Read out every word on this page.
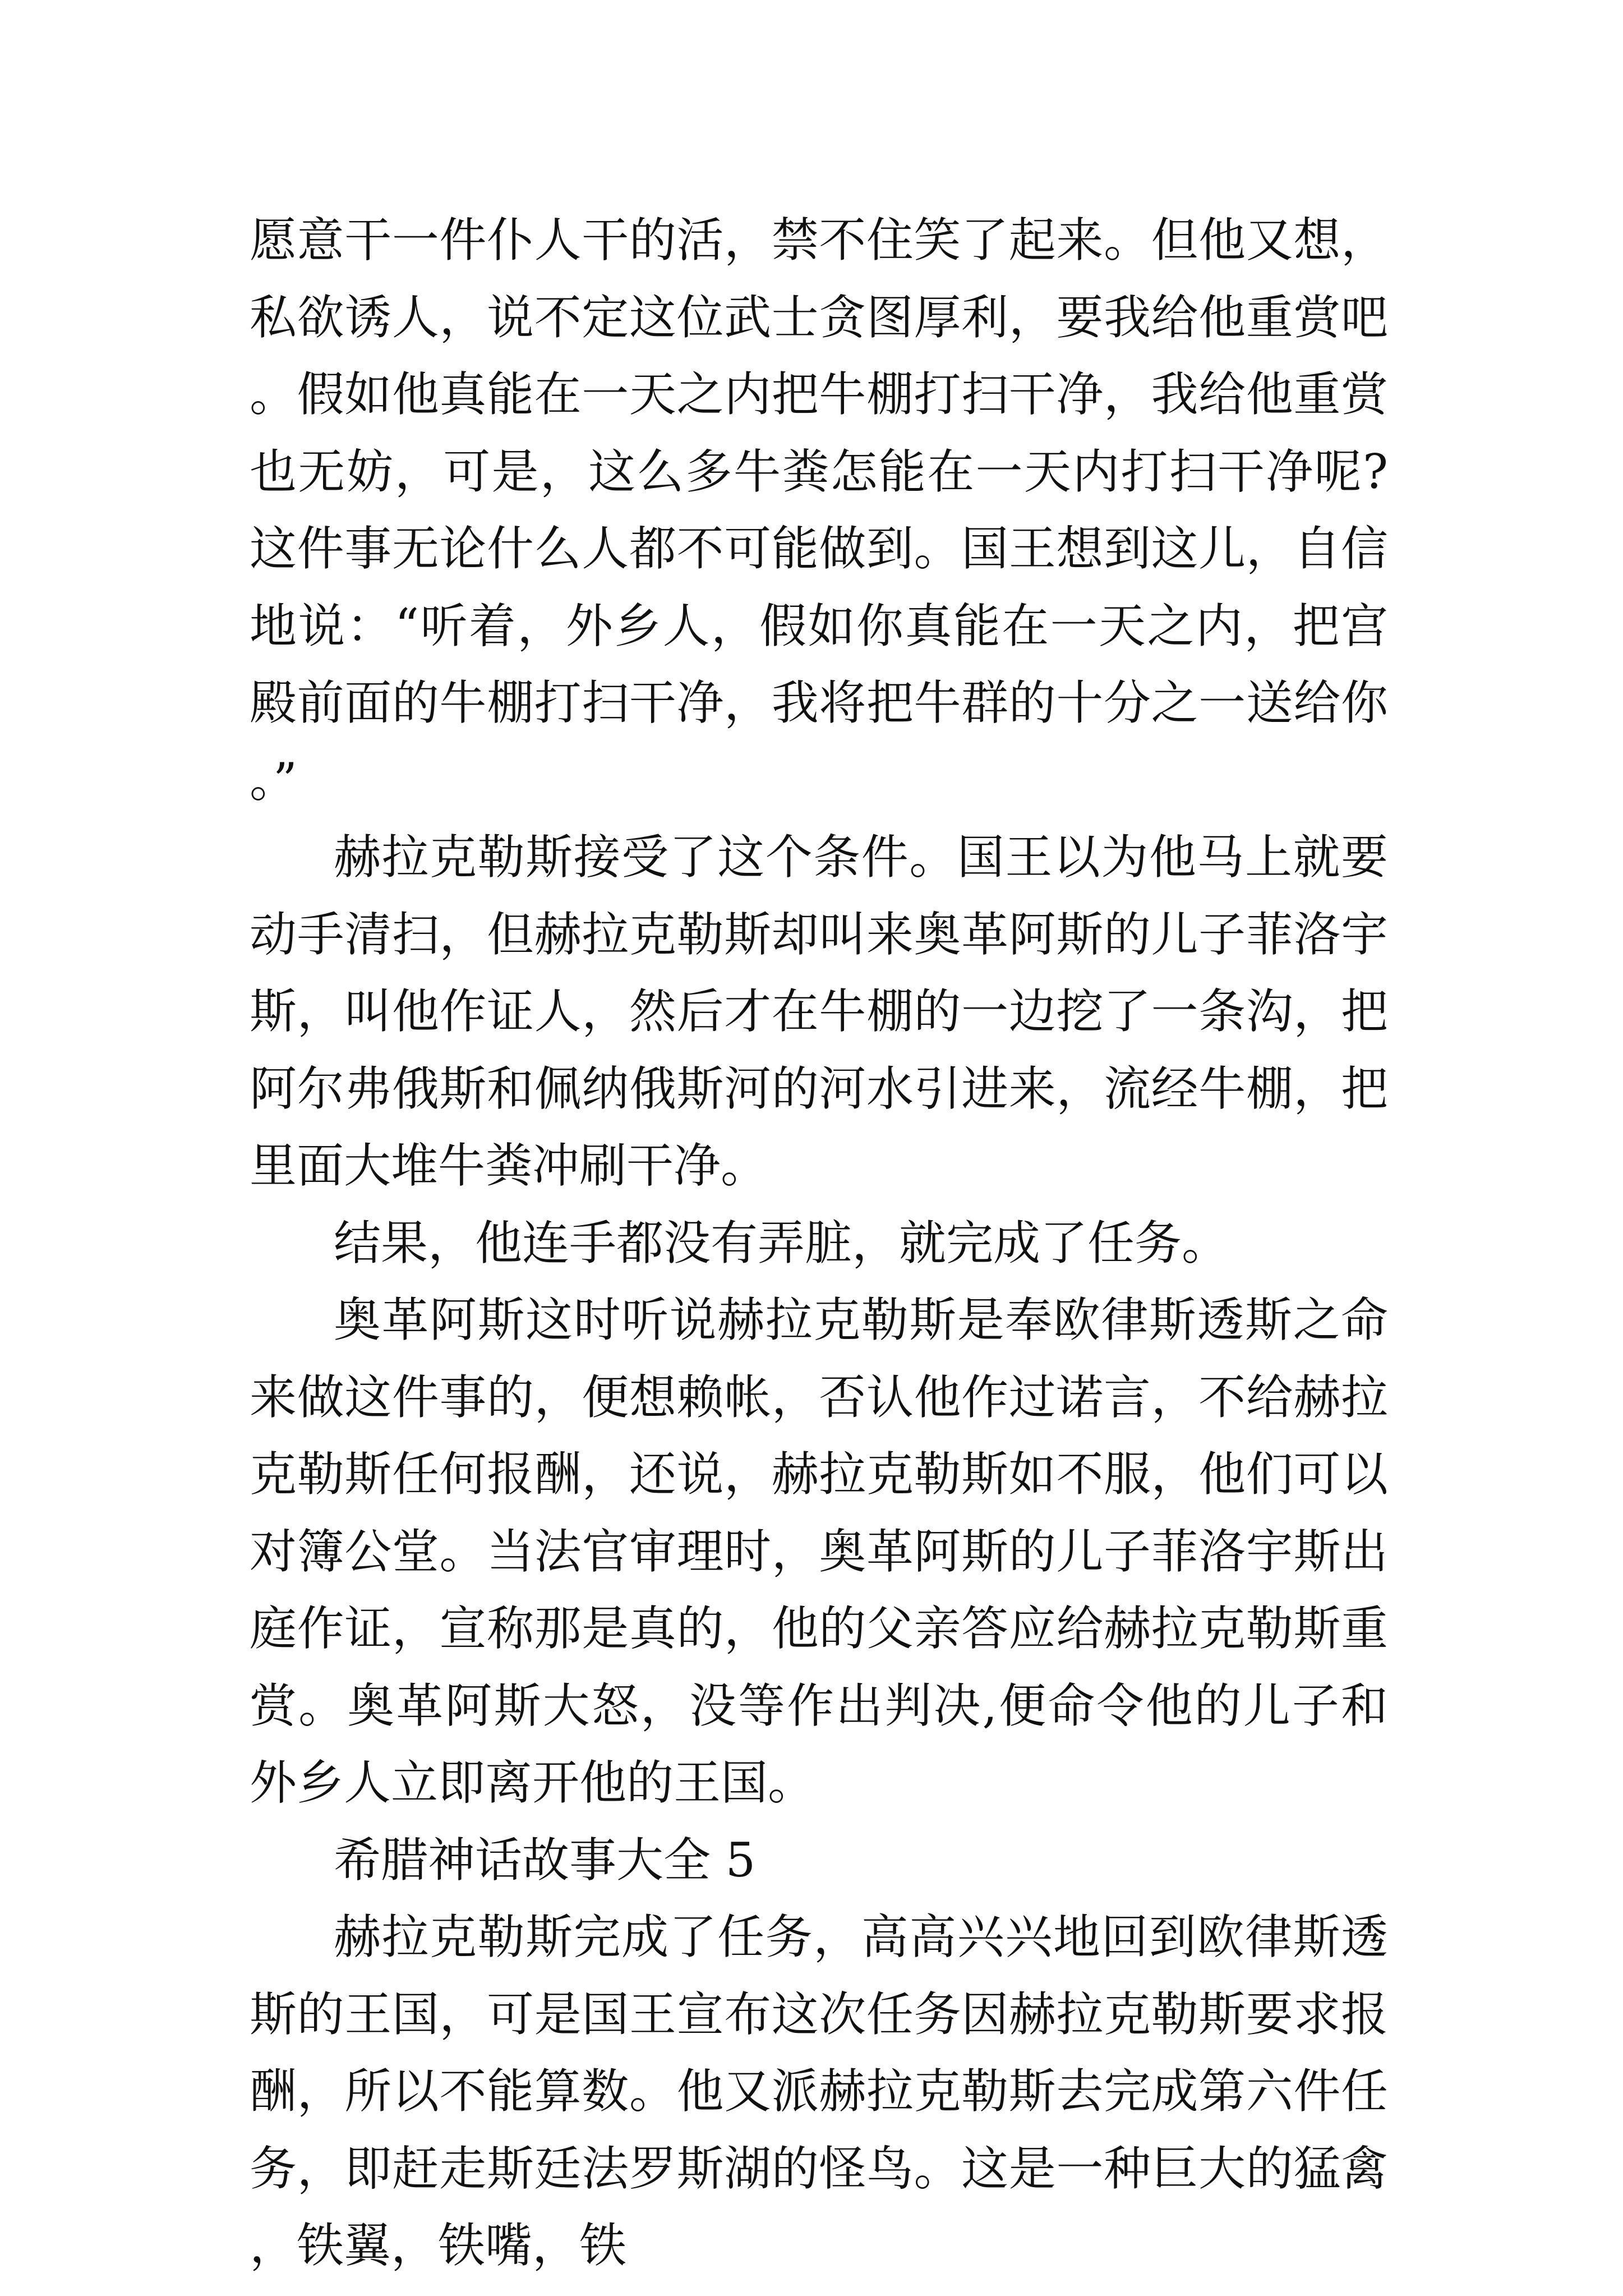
愿意干一件仆人干的活，禁不住笑了起来。但他又想，私欲诱人，说不定这位武士贪图厚利，要我给他重赏吧。假如他真能在一天之内把牛棚打扫干净，我给他重赏也无妨，可是，这么多牛粪怎能在一天内打扫干净呢?这件事无论什么人都不可能做到。国王想到这儿，自信地说：“听着，外乡人，假如你真能在一天之内，把宫殿前面的牛棚打扫干净，我将把牛群的十分之一送给你。”

赫拉克勒斯接受了这个条件。国王以为他马上就要动手清扫，但赫拉克勒斯却叫来奥革阿斯的儿子菲洛宇斯，叫他作证人，然后才在牛棚的一边挖了一条沟，把阿尔弗俄斯和佩纳俄斯河的河水引进来，流经牛棚，把里面大堆牛粪冲刷干净。

结果，他连手都没有弄脏，就完成了任务。

奥革阿斯这时听说赫拉克勒斯是奉欧律斯透斯之命来做这件事的，便想赖帐，否认他作过诺言，不给赫拉克勒斯任何报酬，还说，赫拉克勒斯如不服，他们可以对簿公堂。当法官审理时，奥革阿斯的儿子菲洛宇斯出庭作证，宣称那是真的，他的父亲答应给赫拉克勒斯重赏。奥革阿斯大怒，没等作出判决,便命令他的儿子和外乡人立即离开他的王国。

希腊神话故事大全 5

赫拉克勒斯完成了任务，高高兴兴地回到欧律斯透斯的王国，可是国王宣布这次任务因赫拉克勒斯要求报酬，所以不能算数。他又派赫拉克勒斯去完成第六件任务，即赶走斯廷法罗斯湖的怪鸟。这是一种巨大的猛禽，铁翼，铁嘴，铁
